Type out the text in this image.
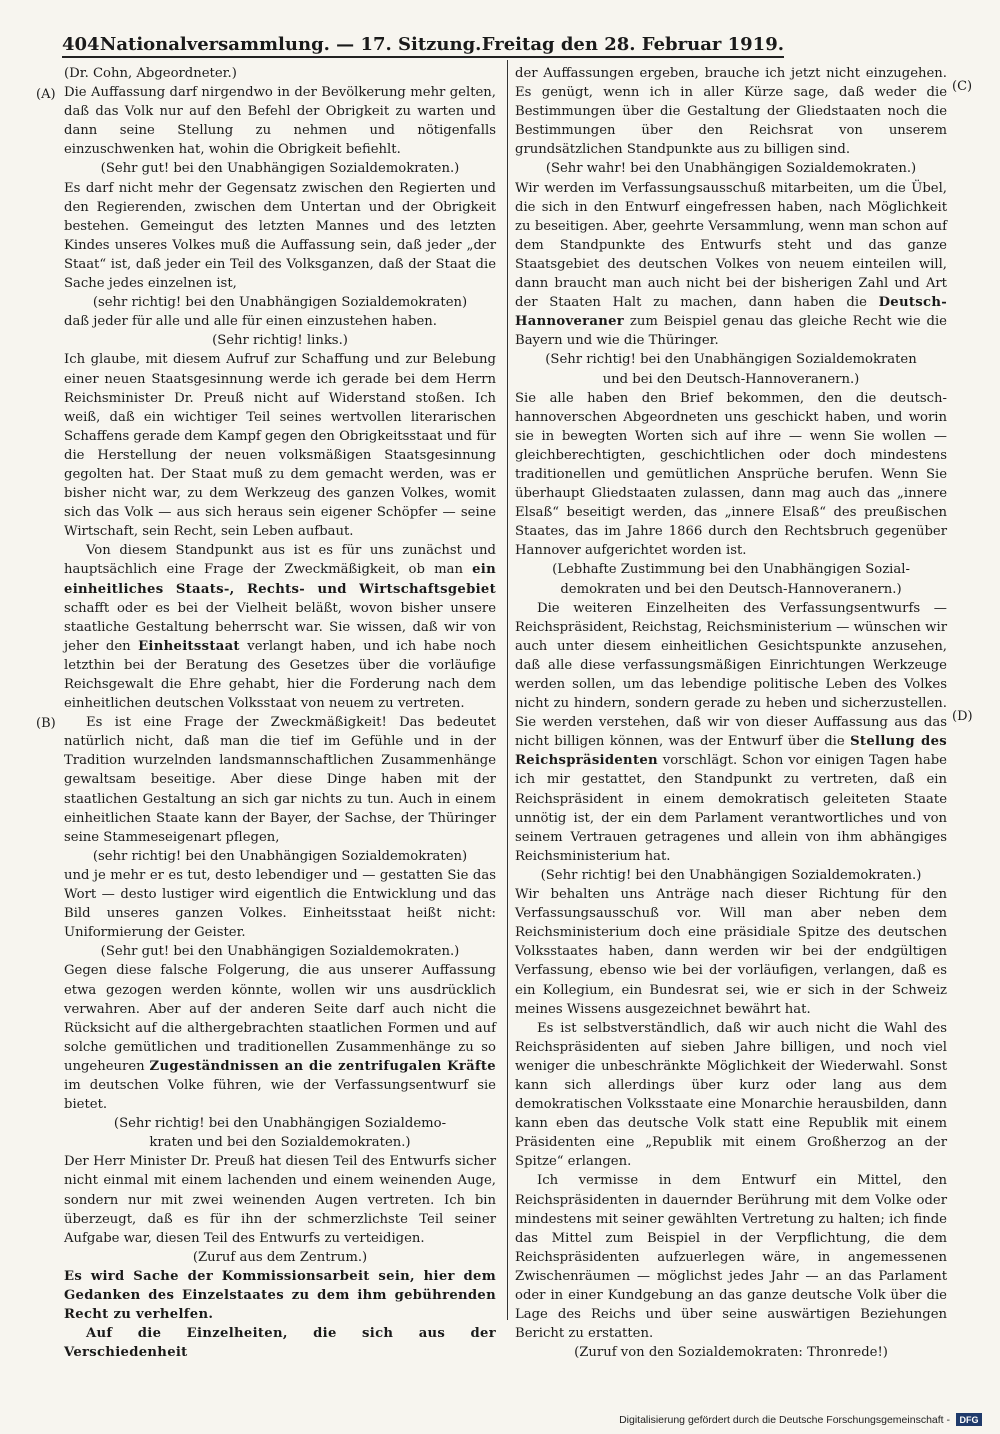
404 Nationalversammlung. — 17. Sitzung. Freitag den 28. Februar 1919.
(A)
(B)
(C)
(D)

(Dr. Cohn, Abgeordneter.)

Die Auffassung darf nirgendwo in der Bevölkerung mehr gelten, daß das Volk nur auf den Befehl der Obrigkeit zu warten und dann seine Stellung zu nehmen und nötigenfalls einzuschwenken hat, wohin die Obrigkeit befiehlt.

(Sehr gut! bei den Unabhängigen Sozialdemokraten.)

Es darf nicht mehr der Gegensatz zwischen den Regierten und den Regierenden, zwischen dem Untertan und der Obrigkeit bestehen. Gemeingut des letzten Mannes und des letzten Kindes unseres Volkes muß die Auffassung sein, daß jeder „der Staat“ ist, daß jeder ein Teil des Volksganzen, daß der Staat die Sache jedes einzelnen ist,

(sehr richtig! bei den Unabhängigen Sozialdemokraten)

daß jeder für alle und alle für einen einzustehen haben.

(Sehr richtig! links.)

Ich glaube, mit diesem Aufruf zur Schaffung und zur Belebung einer neuen Staatsgesinnung werde ich gerade bei dem Herrn Reichsminister Dr. Preuß nicht auf Widerstand stoßen. Ich weiß, daß ein wichtiger Teil seines wertvollen literarischen Schaffens gerade dem Kampf gegen den Obrigkeitsstaat und für die Herstellung der neuen volksmäßigen Staatsgesinnung gegolten hat. Der Staat muß zu dem gemacht werden, was er bisher nicht war, zu dem Werkzeug des ganzen Volkes, womit sich das Volk — aus sich heraus sein eigener Schöpfer — seine Wirtschaft, sein Recht, sein Leben aufbaut.

Von diesem Standpunkt aus ist es für uns zunächst und hauptsächlich eine Frage der Zweckmäßigkeit, ob man ein einheitliches Staats-, Rechts- und Wirtschaftsgebiet schafft oder es bei der Vielheit beläßt, wovon bisher unsere staatliche Gestaltung beherrscht war. Sie wissen, daß wir von jeher den Einheitsstaat verlangt haben, und ich habe noch letzthin bei der Beratung des Gesetzes über die vorläufige Reichsgewalt die Ehre gehabt, hier die Forderung nach dem einheitlichen deutschen Volksstaat von neuem zu vertreten.

Es ist eine Frage der Zweckmäßigkeit! Das bedeutet natürlich nicht, daß man die tief im Gefühle und in der Tradition wurzelnden landsmannschaftlichen Zusammenhänge gewaltsam beseitige. Aber diese Dinge haben mit der staatlichen Gestaltung an sich gar nichts zu tun. Auch in einem einheitlichen Staate kann der Bayer, der Sachse, der Thüringer seine Stammeseigenart pflegen,

(sehr richtig! bei den Unabhängigen Sozialdemokraten)

und je mehr er es tut, desto lebendiger und — gestatten Sie das Wort — desto lustiger wird eigentlich die Entwicklung und das Bild unseres ganzen Volkes. Einheitsstaat heißt nicht: Uniformierung der Geister.

(Sehr gut! bei den Unabhängigen Sozialdemokraten.)

Gegen diese falsche Folgerung, die aus unserer Auffassung etwa gezogen werden könnte, wollen wir uns ausdrücklich verwahren. Aber auf der anderen Seite darf auch nicht die Rücksicht auf die althergebrachten staatlichen Formen und auf solche gemütlichen und traditionellen Zusammenhänge zu so ungeheuren Zugeständnissen an die zentrifugalen Kräfte im deutschen Volke führen, wie der Verfassungsentwurf sie bietet.

(Sehr richtig! bei den Unabhängigen Sozialdemo-

kraten und bei den Sozialdemokraten.)

Der Herr Minister Dr. Preuß hat diesen Teil des Entwurfs sicher nicht einmal mit einem lachenden und einem weinenden Auge, sondern nur mit zwei weinenden Augen vertreten. Ich bin überzeugt, daß es für ihn der schmerzlichste Teil seiner Aufgabe war, diesen Teil des Entwurfs zu verteidigen.

(Zuruf aus dem Zentrum.)

Es wird Sache der Kommissionsarbeit sein, hier dem Gedanken des Einzelstaates zu dem ihm gebührenden Recht zu verhelfen.

Auf die Einzelheiten, die sich aus der Verschiedenheit

der Auffassungen ergeben, brauche ich jetzt nicht einzugehen. Es genügt, wenn ich in aller Kürze sage, daß weder die Bestimmungen über die Gestaltung der Gliedstaaten noch die Bestimmungen über den Reichsrat von unserem grundsätzlichen Standpunkte aus zu billigen sind.

(Sehr wahr! bei den Unabhängigen Sozialdemokraten.)

Wir werden im Verfassungsausschuß mitarbeiten, um die Übel, die sich in den Entwurf eingefressen haben, nach Möglichkeit zu beseitigen. Aber, geehrte Versammlung, wenn man schon auf dem Standpunkte des Entwurfs steht und das ganze Staatsgebiet des deutschen Volkes von neuem einteilen will, dann braucht man auch nicht bei der bisherigen Zahl und Art der Staaten Halt zu machen, dann haben die Deutsch-Hannoveraner zum Beispiel genau das gleiche Recht wie die Bayern und wie die Thüringer.

(Sehr richtig! bei den Unabhängigen Sozialdemokraten

und bei den Deutsch-Hannoveranern.)

Sie alle haben den Brief bekommen, den die deutsch-hannoverschen Abgeordneten uns geschickt haben, und worin sie in bewegten Worten sich auf ihre — wenn Sie wollen — gleichberechtigten, geschichtlichen oder doch mindestens traditionellen und gemütlichen Ansprüche berufen. Wenn Sie überhaupt Gliedstaaten zulassen, dann mag auch das „innere Elsaß“ beseitigt werden, das „innere Elsaß“ des preußischen Staates, das im Jahre 1866 durch den Rechtsbruch gegenüber Hannover aufgerichtet worden ist.

(Lebhafte Zustimmung bei den Unabhängigen Sozial-

demokraten und bei den Deutsch-Hannoveranern.)

Die weiteren Einzelheiten des Verfassungsentwurfs — Reichspräsident, Reichstag, Reichsministerium — wünschen wir auch unter diesem einheitlichen Gesichtspunkte anzusehen, daß alle diese verfassungsmäßigen Einrichtungen Werkzeuge werden sollen, um das lebendige politische Leben des Volkes nicht zu hindern, sondern gerade zu heben und sicherzustellen. Sie werden verstehen, daß wir von dieser Auffassung aus das nicht billigen können, was der Entwurf über die Stellung des Reichspräsidenten vorschlägt. Schon vor einigen Tagen habe ich mir gestattet, den Standpunkt zu vertreten, daß ein Reichspräsident in einem demokratisch geleiteten Staate unnötig ist, der ein dem Parlament verantwortliches und von seinem Vertrauen getragenes und allein von ihm abhängiges Reichsministerium hat.

(Sehr richtig! bei den Unabhängigen Sozialdemokraten.)

Wir behalten uns Anträge nach dieser Richtung für den Verfassungsausschuß vor. Will man aber neben dem Reichsministerium doch eine präsidiale Spitze des deutschen Volksstaates haben, dann werden wir bei der endgültigen Verfassung, ebenso wie bei der vorläufigen, verlangen, daß es ein Kollegium, ein Bundesrat sei, wie er sich in der Schweiz meines Wissens ausgezeichnet bewährt hat.

Es ist selbstverständlich, daß wir auch nicht die Wahl des Reichspräsidenten auf sieben Jahre billigen, und noch viel weniger die unbeschränkte Möglichkeit der Wiederwahl. Sonst kann sich allerdings über kurz oder lang aus dem demokratischen Volksstaate eine Monarchie herausbilden, dann kann eben das deutsche Volk statt eine Republik mit einem Präsidenten eine „Republik mit einem Großherzog an der Spitze“ erlangen.

Ich vermisse in dem Entwurf ein Mittel, den Reichspräsidenten in dauernder Berührung mit dem Volke oder mindestens mit seiner gewählten Vertretung zu halten; ich finde das Mittel zum Beispiel in der Verpflichtung, die dem Reichspräsidenten aufzuerlegen wäre, in angemessenen Zwischenräumen — möglichst jedes Jahr — an das Parlament oder in einer Kundgebung an das ganze deutsche Volk über die Lage des Reichs und über seine auswärtigen Beziehungen Bericht zu erstatten.

(Zuruf von den Sozialdemokraten: Thronrede!)

Digitalisierung gefördert durch die Deutsche Forschungsgemeinschaft -	DFG
